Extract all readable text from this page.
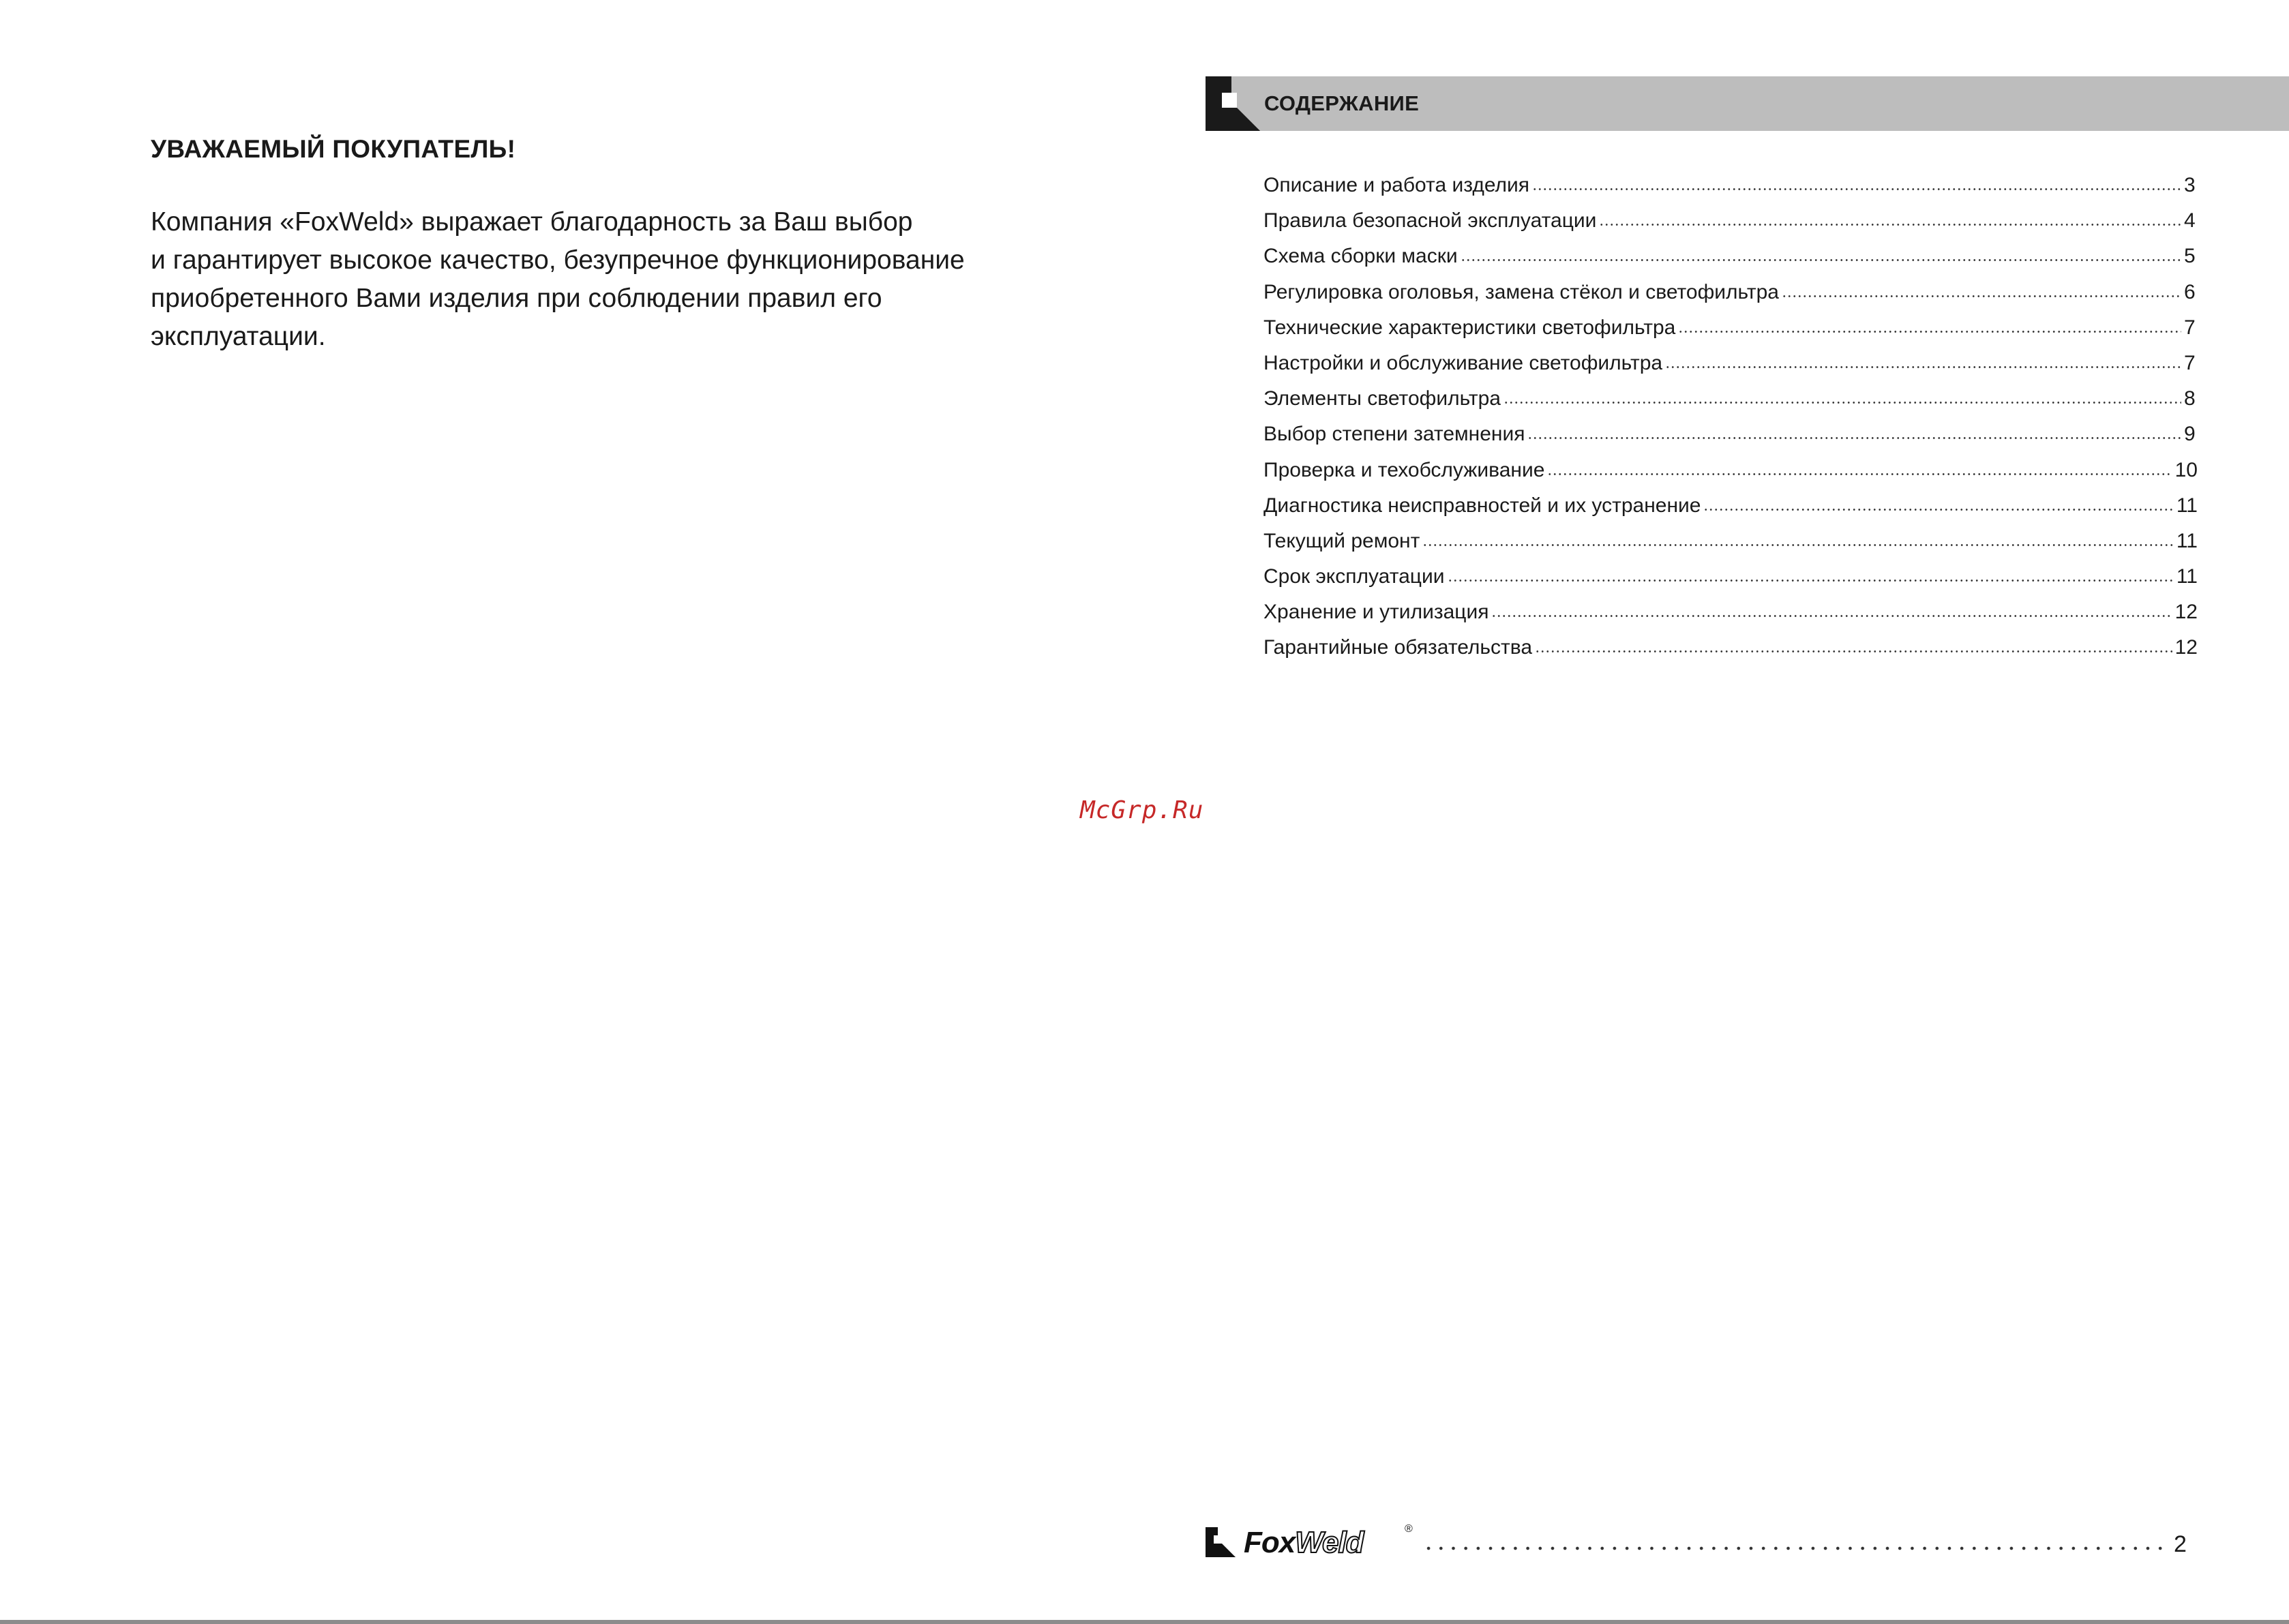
УВАЖАЕМЫЙ ПОКУПАТЕЛЬ!

Компания «FoxWeld» выражает благодарность за Ваш выбор
и гарантирует высокое качество, безупречное функционирование
приобретенного Вами изделия при соблюдении правил его
эксплуатации.

СОДЕРЖАНИЕ
Описание и работа изделия	3
Правила безопасной эксплуатации	4
Схема сборки маски	5
Регулировка оголовья, замена стёкол и светофильтра	6
Технические характеристики светофильтра	7
Настройки и обслуживание светофильтра	7
Элементы светофильтра	8
Выбор степени затемнения	9
Проверка и техобслуживание	10
Диагностика неисправностей и их устранение	11
Текущий ремонт	11
Срок эксплуатации	11
Хранение и утилизация	12
Гарантийные обязательства	12
McGrp.Ru
FoxWeld	®
2
